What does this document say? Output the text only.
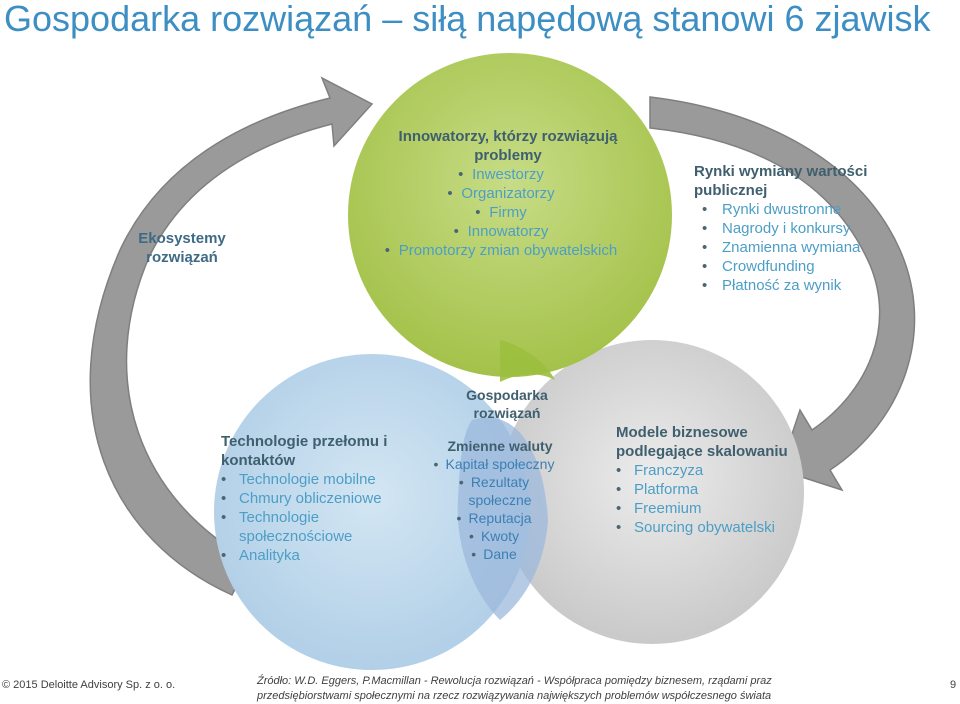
Gospodarka rozwiązań – siłą napędową stanowi 6 zjawisk
Ekosystemy rozwiązań
Innowatorzy, którzy rozwiązują problemy
• Inwestorzy
• Organizatorzy
• Firmy
• Innowatorzy
• Promotorzy zmian obywatelskich
Rynki wymiany wartości publicznej
• Rynki dwustronne
• Nagrody i konkursy
• Znamienna wymiana
• Crowdfunding
• Płatność za wynik
Technologie przełomu i kontaktów
• Technologie mobilne
• Chmury obliczeniowe
• Technologie społecznościowe
• Analityka
Gospodarka rozwiązań
Zmienne waluty
• Kapitał społeczny
• Rezultaty społeczne
• Reputacja
• Kwoty
• Dane
Modele biznesowe podlegające skalowaniu
• Franczyza
• Platforma
• Freemium
• Sourcing obywatelski
© 2015 Deloitte Advisory Sp. z o. o.	Źródło: W.D. Eggers, P.Macmillan - Rewolucja rozwiązań - Współpraca pomiędzy biznesem, rządami praz przedsiębiorstwami społecznymi na rzecz rozwiązywania największych problemów współczesnego świata
9
